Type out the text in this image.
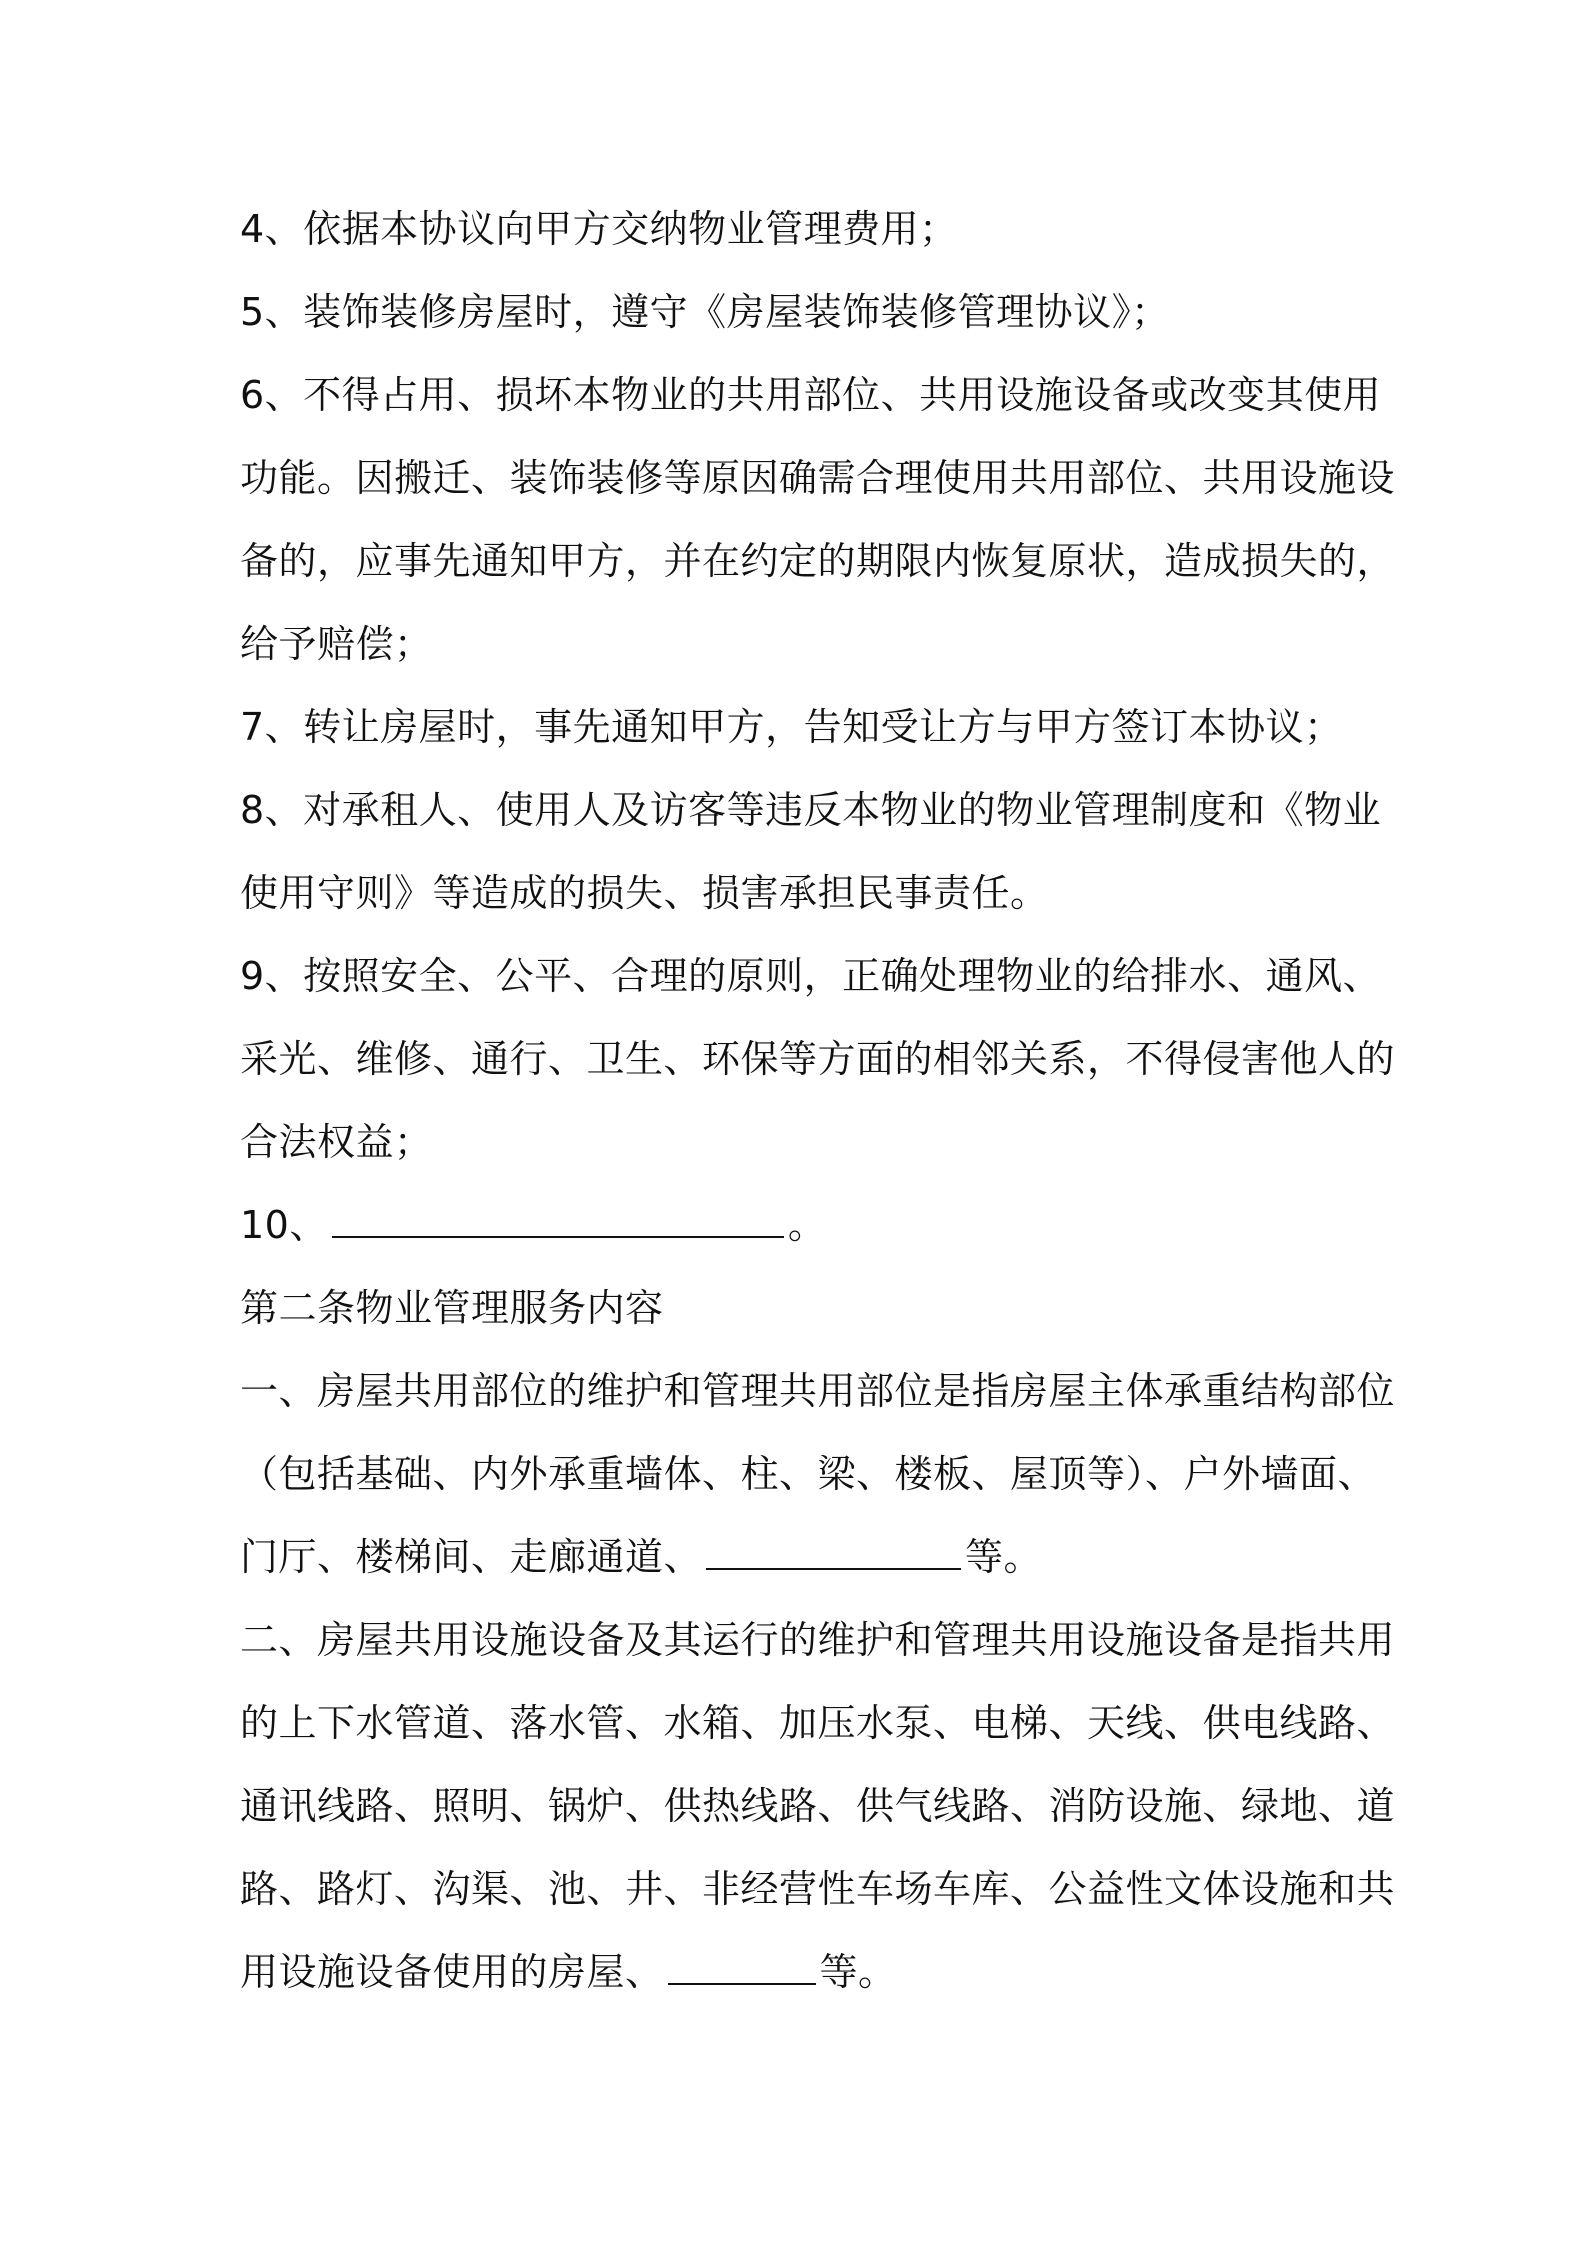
4、依据本协议向甲方交纳物业管理费用；
5、装饰装修房屋时，遵守《房屋装饰装修管理协议》；
6、不得占用、损坏本物业的共用部位、共用设施设备或改变其使用
功能。因搬迁、装饰装修等原因确需合理使用共用部位、共用设施设
备的，应事先通知甲方，并在约定的期限内恢复原状，造成损失的，
给予赔偿；
7、转让房屋时，事先通知甲方，告知受让方与甲方签订本协议；
8、对承租人、使用人及访客等违反本物业的物业管理制度和《物业
使用守则》等造成的损失、损害承担民事责任。
9、按照安全、公平、合理的原则，正确处理物业的给排水、通风、
采光、维修、通行、卫生、环保等方面的相邻关系，不得侵害他人的
合法权益；
10、	。
第二条物业管理服务内容
一、房屋共用部位的维护和管理共用部位是指房屋主体承重结构部位
（包括基础、内外承重墙体、柱、梁、楼板、屋顶等）、户外墙面、
门厅、楼梯间、走廊通道、	等。
二、房屋共用设施设备及其运行的维护和管理共用设施设备是指共用
的上下水管道、落水管、水箱、加压水泵、电梯、天线、供电线路、
通讯线路、照明、锅炉、供热线路、供气线路、消防设施、绿地、道
路、路灯、沟渠、池、井、非经营性车场车库、公益性文体设施和共
用设施设备使用的房屋、	等。
